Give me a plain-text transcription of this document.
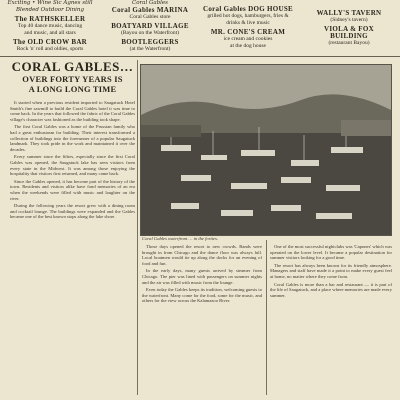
Exciting • Wine Sic Agnes still
Blended Outdoor Dining
The RATHSKELLER
Top 40 dance music, dancing
and music, and all stars
The OLD CROW BAR
Rock 'n' roll and oldies, sports
Coral Gables
Coral Gables MARINA
Coral Gables store
BOATYARD VILLAGE
(Bayou on the Waterfront)
BOOTLEGGERS
(at the Waterfront)
Coral Gables DOG HOUSE
grilled hot dogs, hamburgers, fries &
drinks & live music
MR. CONE'S CREAM
ice cream and cookies
at the dog house
WALLY'S TAVERN
(Sidney's tavern)
VIOLA & FOX
BUILDING
(restaurant Bayou)
CORAL GABLES…
OVER FORTY YEARS IS
A LONG LONG TIME

It started when a previous resident imported to Saugatuck Hotel Smith's fine sawmill to build the Coral Gables hotel it was time to come back. In the years that followed the fabric of the Coral Gables village's character was fashioned as the building took shape.

The first Coral Gables was a home of the Prussian family who had a great enthusiasm for building. Their interest transformed a collection of buildings into the forerunner of a popular Saugatuck landmark. They took pride in the work and maintained it over the decades.

Every summer since the fifties, especially since the first Coral Gables was opened, the Saugatuck lake has seen visitors from every state in the Midwest. It was among those enjoying the hospitality that visitors first returned, and many came back.

Since the Gables opened, it has become part of the history of the town. Residents and visitors alike have fond memories of an era when the weekends were filled with music and laughter on the river.

During the following years the resort grew with a dining room and cocktail lounge. The buildings were expanded and the Gables became one of the best known stops along the lake shore.

Coral Gables waterfront … in the forties.

Those days opened the resort to new crowds. Bands were brought in from Chicago and the dance floor was always full. Local boatmen would tie up along the docks for an evening of food and fun.

In the early days, many guests arrived by steamer from Chicago. The pier was lined with passengers on summer nights and the air was filled with music from the lounge.

Even today the Gables keeps its tradition, welcoming guests to the waterfront. Many come for the food, some for the music, and others for the view across the Kalamazoo River.

One of the most successful nightclubs was 'Capones' which was operated on the lower level. It became a popular destination for summer visitors looking for a good time.

The resort has always been known for its friendly atmosphere. Managers and staff have made it a point to make every guest feel at home, no matter where they come from.

Coral Gables is more than a bar and restaurant — it is part of the life of Saugatuck, and a place where memories are made every summer.
